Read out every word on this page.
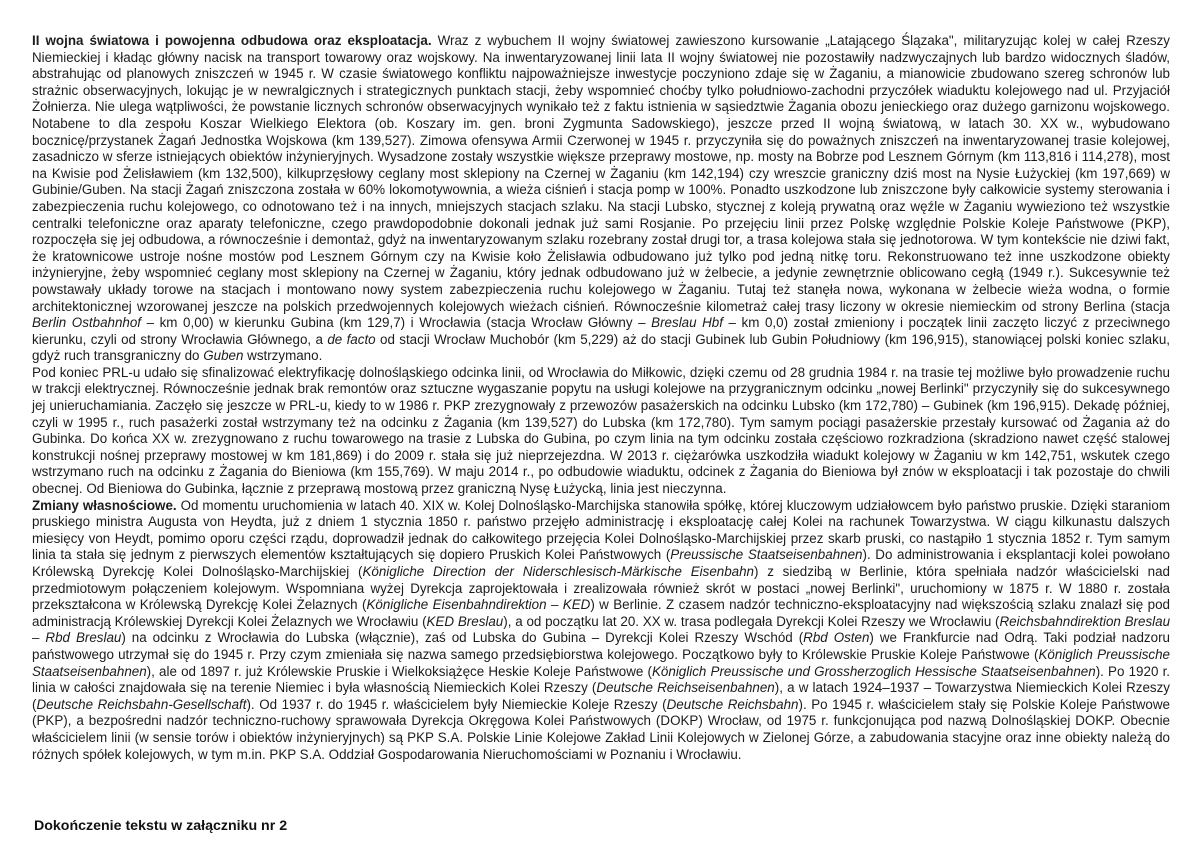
II wojna światowa i powojenna odbudowa oraz eksploatacja. Wraz z wybuchem II wojny światowej zawieszono kursowanie „Latającego Ślązaka", militaryzując kolej w całej Rzeszy Niemieckiej i kładąc główny nacisk na transport towarowy oraz wojskowy. Na inwentaryzowanej linii lata II wojny światowej nie pozostawiły nadzwyczajnych lub bardzo widocznych śladów, abstrahując od planowych zniszczeń w 1945 r. W czasie światowego konfliktu najpoważniejsze inwestycje poczyniono zdaje się w Żaganiu, a mianowicie zbudowano szereg schronów lub strażnic obserwacyjnych, lokując je w newralgicznych i strategicznych punktach stacji, żeby wspomnieć choćby tylko południowo-zachodni przyczółek wiaduktu kolejowego nad ul. Przyjaciół Żołnierza. Nie ulega wątpliwości, że powstanie licznych schronów obserwacyjnych wynikało też z faktu istnienia w sąsiedztwie Żagania obozu jenieckiego oraz dużego garnizonu wojskowego. Notabene to dla zespołu Koszar Wielkiego Elektora (ob. Koszary im. gen. broni Zygmunta Sadowskiego), jeszcze przed II wojną światową, w latach 30. XX w., wybudowano bocznicę/przystanek Żagań Jednostka Wojskowa (km 139,527). Zimowa ofensywa Armii Czerwonej w 1945 r. przyczyniła się do poważnych zniszczeń na inwentaryzowanej trasie kolejowej, zasadniczo w sferze istniejących obiektów inżynieryjnych. Wysadzone zostały wszystkie większe przeprawy mostowe, np. mosty na Bobrze pod Lesznem Górnym (km 113,816 i 114,278), most na Kwisie pod Żelisławiem (km 132,500), kilkuprzęsłowy ceglany most sklepiony na Czernej w Żaganiu (km 142,194) czy wreszcie graniczny dziś most na Nysie Łużyckiej (km 197,669) w Gubinie/Guben. Na stacji Żagań zniszczona została w 60% lokomotywownia, a wieża ciśnień i stacja pomp w 100%. Ponadto uszkodzone lub zniszczone były całkowicie systemy sterowania i zabezpieczenia ruchu kolejowego, co odnotowano też i na innych, mniejszych stacjach szlaku. Na stacji Lubsko, stycznej z koleją prywatną oraz węźle w Żaganiu wywieziono też wszystkie centralki telefoniczne oraz aparaty telefoniczne, czego prawdopodobnie dokonali jednak już sami Rosjanie. Po przejęciu linii przez Polskę względnie Polskie Koleje Państwowe (PKP), rozpoczęła się jej odbudowa, a równocześnie i demontaż, gdyż na inwentaryzowanym szlaku rozebrany został drugi tor, a trasa kolejowa stała się jednotorowa. W tym kontekście nie dziwi fakt, że kratownicowe ustroje nośne mostów pod Lesznem Górnym czy na Kwisie koło Żelisławia odbudowano już tylko pod jedną nitkę toru. Rekonstruowano też inne uszkodzone obiekty inżynieryjne, żeby wspomnieć ceglany most sklepiony na Czernej w Żaganiu, który jednak odbudowano już w żelbecie, a jedynie zewnętrznie oblicowano cegłą (1949 r.). Sukcesywnie też powstawały układy torowe na stacjach i montowano nowy system zabezpieczenia ruchu kolejowego w Żaganiu. Tutaj też stanęła nowa, wykonana w żelbecie wieża wodna, o formie architektonicznej wzorowanej jeszcze na polskich przedwojennych kolejowych wieżach ciśnień. Równocześnie kilometraż całej trasy liczony w okresie niemieckim od strony Berlina (stacja Berlin Ostbahnhof – km 0,00) w kierunku Gubina (km 129,7) i Wrocławia (stacja Wrocław Główny – Breslau Hbf – km 0,0) został zmieniony i początek linii zaczęto liczyć z przeciwnego kierunku, czyli od strony Wrocławia Głównego, a de facto od stacji Wrocław Muchobór (km 5,229) aż do stacji Gubinek lub Gubin Południowy (km 196,915), stanowiącej polski koniec szlaku, gdyż ruch transgraniczny do Guben wstrzymano.

Pod koniec PRL-u udało się sfinalizować elektryfikację dolnośląskiego odcinka linii, od Wrocławia do Miłkowic, dzięki czemu od 28 grudnia 1984 r. na trasie tej możliwe było prowadzenie ruchu w trakcji elektrycznej. Równocześnie jednak brak remontów oraz sztuczne wygaszanie popytu na usługi kolejowe na przygranicznym odcinku „nowej Berlinki" przyczyniły się do sukcesywnego jej unieruchamiania. Zaczęło się jeszcze w PRL-u, kiedy to w 1986 r. PKP zrezygnowały z przewozów pasażerskich na odcinku Lubsko (km 172,780) – Gubinek (km 196,915). Dekadę później, czyli w 1995 r., ruch pasażerki został wstrzymany też na odcinku z Żagania (km 139,527) do Lubska (km 172,780). Tym samym pociągi pasażerskie przestały kursować od Żagania aż do Gubinka. Do końca XX w. zrezygnowano z ruchu towarowego na trasie z Lubska do Gubina, po czym linia na tym odcinku została częściowo rozkradziona (skradziono nawet część stalowej konstrukcji nośnej przeprawy mostowej w km 181,869) i do 2009 r. stała się już nieprzejezdna. W 2013 r. ciężarówka uszkodziła wiadukt kolejowy w Żaganiu w km 142,751, wskutek czego wstrzymano ruch na odcinku z Żagania do Bieniowa (km 155,769). W maju 2014 r., po odbudowie wiaduktu, odcinek z Żagania do Bieniowa był znów w eksploatacji i tak pozostaje do chwili obecnej. Od Bieniowa do Gubinka, łącznie z przeprawą mostową przez graniczną Nysę Łużycką, linia jest nieczynna.

Zmiany własnościowe. Od momentu uruchomienia w latach 40. XIX w. Kolej Dolnośląsko-Marchijska stanowiła spółkę, której kluczowym udziałowcem było państwo pruskie. Dzięki staraniom pruskiego ministra Augusta von Heydta, już z dniem 1 stycznia 1850 r. państwo przejęło administrację i eksploatację całej Kolei na rachunek Towarzystwa. W ciągu kilkunastu dalszych miesięcy von Heydt, pomimo oporu części rządu, doprowadził jednak do całkowitego przejęcia Kolei Dolnośląsko-Marchijskiej przez skarb pruski, co nastąpiło 1 stycznia 1852 r. Tym samym linia ta stała się jednym z pierwszych elementów kształtujących się dopiero Pruskich Kolei Państwowych (Preussische Staatseisenbahnen). Do administrowania i eksplantacji kolei powołano Królewską Dyrekcję Kolei Dolnośląsko-Marchijskiej (Königliche Direction der Niderschlesisch-Märkische Eisenbahn) z siedzibą w Berlinie, która spełniała nadzór właścicielski nad przedmiotowym połączeniem kolejowym. Wspomniana wyżej Dyrekcja zaprojektowała i zrealizowała również skrót w postaci „nowej Berlinki", uruchomiony w 1875 r. W 1880 r. została przekształcona w Królewską Dyrekcję Kolei Żelaznych (Königliche Eisenbahndirektion – KED) w Berlinie. Z czasem nadzór techniczno-eksploatacyjny nad większością szlaku znalazł się pod administracją Królewskiej Dyrekcji Kolei Żelaznych we Wrocławiu (KED Breslau), a od początku lat 20. XX w. trasa podlegała Dyrekcji Kolei Rzeszy we Wrocławiu (Reichsbahndirektion Breslau – Rbd Breslau) na odcinku z Wrocławia do Lubska (włącznie), zaś od Lubska do Gubina – Dyrekcji Kolei Rzeszy Wschód (Rbd Osten) we Frankfurcie nad Odrą. Taki podział nadzoru państwowego utrzymał się do 1945 r. Przy czym zmieniała się nazwa samego przedsiębiorstwa kolejowego. Początkowo były to Królewskie Pruskie Koleje Państwowe (Königlich Preussische Staatseisenbahnen), ale od 1897 r. już Królewskie Pruskie i Wielkoksiążęce Heskie Koleje Państwowe (Königlich Preussische und Grossherzoglich Hessische Staatseisenbahnen). Po 1920 r. linia w całości znajdowała się na terenie Niemiec i była własnością Niemieckich Kolei Rzeszy (Deutsche Reichseisenbahnen), a w latach 1924–1937 – Towarzystwa Niemieckich Kolei Rzeszy (Deutsche Reichsbahn-Gesellschaft). Od 1937 r. do 1945 r. właścicielem były Niemieckie Koleje Rzeszy (Deutsche Reichsbahn). Po 1945 r. właścicielem stały się Polskie Koleje Państwowe (PKP), a bezpośredni nadzór techniczno-ruchowy sprawowała Dyrekcja Okręgowa Kolei Państwowych (DOKP) Wrocław, od 1975 r. funkcjonująca pod nazwą Dolnośląskiej DOKP. Obecnie właścicielem linii (w sensie torów i obiektów inżynieryjnych) są PKP S.A. Polskie Linie Kolejowe Zakład Linii Kolejowych w Zielonej Górze, a zabudowania stacyjne oraz inne obiekty należą do różnych spółek kolejowych, w tym m.in. PKP S.A. Oddział Gospodarowania Nieruchomościami w Poznaniu i Wrocławiu.

Dokończenie tekstu w załączniku nr 2
